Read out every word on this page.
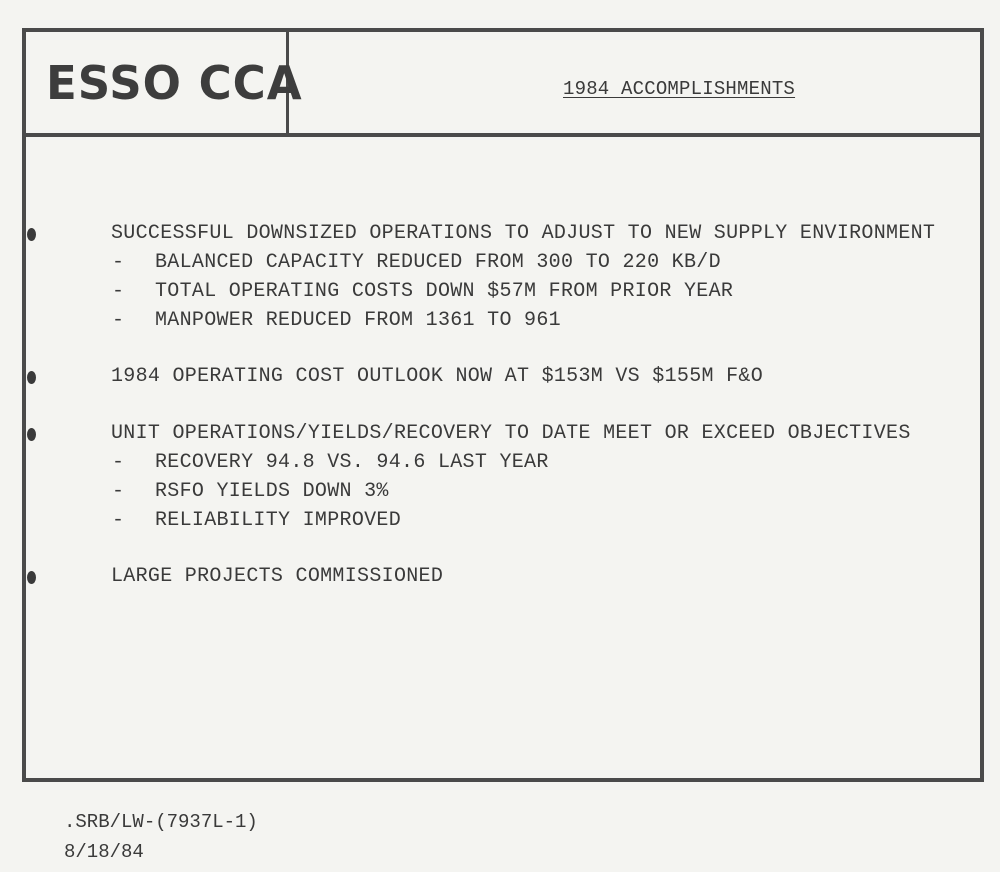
ESSO CCA	1984 ACCOMPLISHMENTS
SUCCESSFUL DOWNSIZED OPERATIONS TO ADJUST TO NEW SUPPLY ENVIRONMENT
- BALANCED CAPACITY REDUCED FROM 300 TO 220 KB/D
- TOTAL OPERATING COSTS DOWN $57M FROM PRIOR YEAR
- MANPOWER REDUCED FROM 1361 TO 961
1984 OPERATING COST OUTLOOK NOW AT $153M VS $155M F&O
UNIT OPERATIONS/YIELDS/RECOVERY TO DATE MEET OR EXCEED OBJECTIVES
- RECOVERY 94.8 VS. 94.6 LAST YEAR
- RSFO YIELDS DOWN 3%
- RELIABILITY IMPROVED
LARGE PROJECTS COMMISSIONED
.SRB/LW-(7937L-1)
8/18/84
